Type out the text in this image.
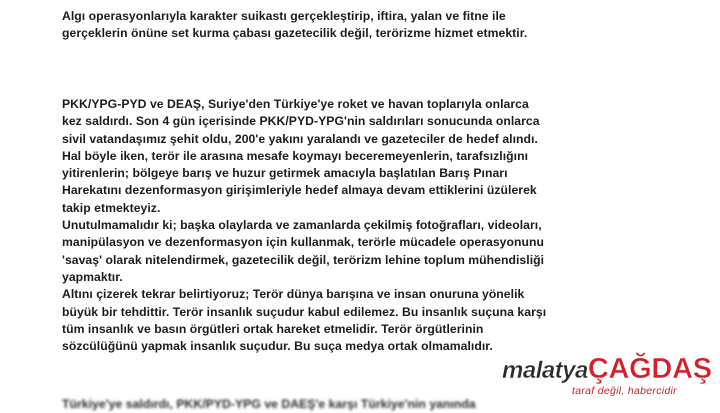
Algı operasyonlarıyla karakter suikastı gerçekleştirip, iftira, yalan ve fitne ile
gerçeklerin önüne set kurma çabası gazetecilik değil, terörizme hizmet etmektir.

PKK/YPG-PYD ve DEAŞ, Suriye'den Türkiye'ye roket ve havan toplarıyla onlarca
kez saldırdı. Son 4 gün içerisinde PKK/PYD-YPG'nin saldırıları sonucunda onlarca
sivil vatandaşımız şehit oldu, 200'e yakını yaralandı ve gazeteciler de hedef alındı.
Hal böyle iken, terör ile arasına mesafe koymayı beceremeyenlerin, tarafsızlığını
yitirenlerin; bölgeye barış ve huzur getirmek amacıyla başlatılan Barış Pınarı
Harekatını dezenformasyon girişimleriyle hedef almaya devam ettiklerini üzülerek
takip etmekteyiz.
Unutulmamalıdır ki; başka olaylarda ve zamanlarda çekilmiş fotoğrafları, videoları,
manipülasyon ve dezenformasyon için kullanmak, terörle mücadele operasyonunu
'savaş' olarak nitelendirmek, gazetecilik değil, terörizm lehine toplum mühendisliği
yapmaktır.
Altını çizerek tekrar belirtiyoruz; Terör dünya barışına ve insan onuruna yönelik
büyük bir tehdittir. Terör insanlık suçudur kabul edilemez. Bu insanlık suçuna karşı
tüm insanlık ve basın örgütleri ortak hareket etmelidir. Terör örgütlerinin
sözcülüğünü yapmak insanlık suçudur. Bu suça medya ortak olmamalıdır.

Türkiye'ye saldırdı, PKK/PYD-YPG ve DAEŞ'e karşı Türkiye'nin yanında

malatyaÇAĞDAŞ
taraf değil, habercidir
